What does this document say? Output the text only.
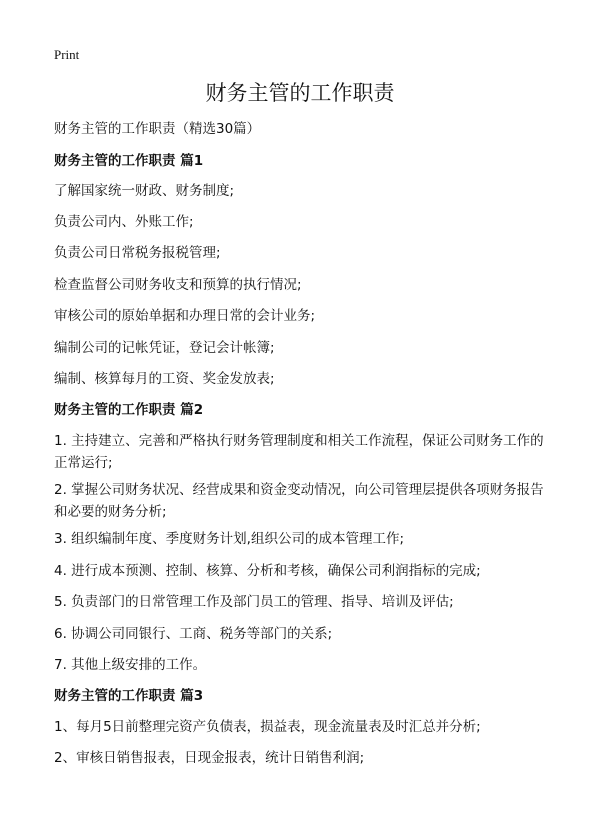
Print
财务主管的工作职责
财务主管的工作职责（精选30篇）
财务主管的工作职责 篇1
了解国家统一财政、财务制度;
负责公司内、外账工作;
负责公司日常税务报税管理;
检查监督公司财务收支和预算的执行情况;
审核公司的原始单据和办理日常的会计业务;
编制公司的记帐凭证，登记会计帐簿;
编制、核算每月的工资、奖金发放表;
财务主管的工作职责 篇2
1. 主持建立、完善和严格执行财务管理制度和相关工作流程，保证公司财务工作的正常运行;
2. 掌握公司财务状况、经营成果和资金变动情况，向公司管理层提供各项财务报告和必要的财务分析;
3. 组织编制年度、季度财务计划,组织公司的成本管理工作;
4. 进行成本预测、控制、核算、分析和考核，确保公司利润指标的完成;
5. 负责部门的日常管理工作及部门员工的管理、指导、培训及评估;
6. 协调公司同银行、工商、税务等部门的关系;
7. 其他上级安排的工作。
财务主管的工作职责 篇3
1、每月5日前整理完资产负债表，损益表，现金流量表及时汇总并分析;
2、审核日销售报表，日现金报表，统计日销售利润;
